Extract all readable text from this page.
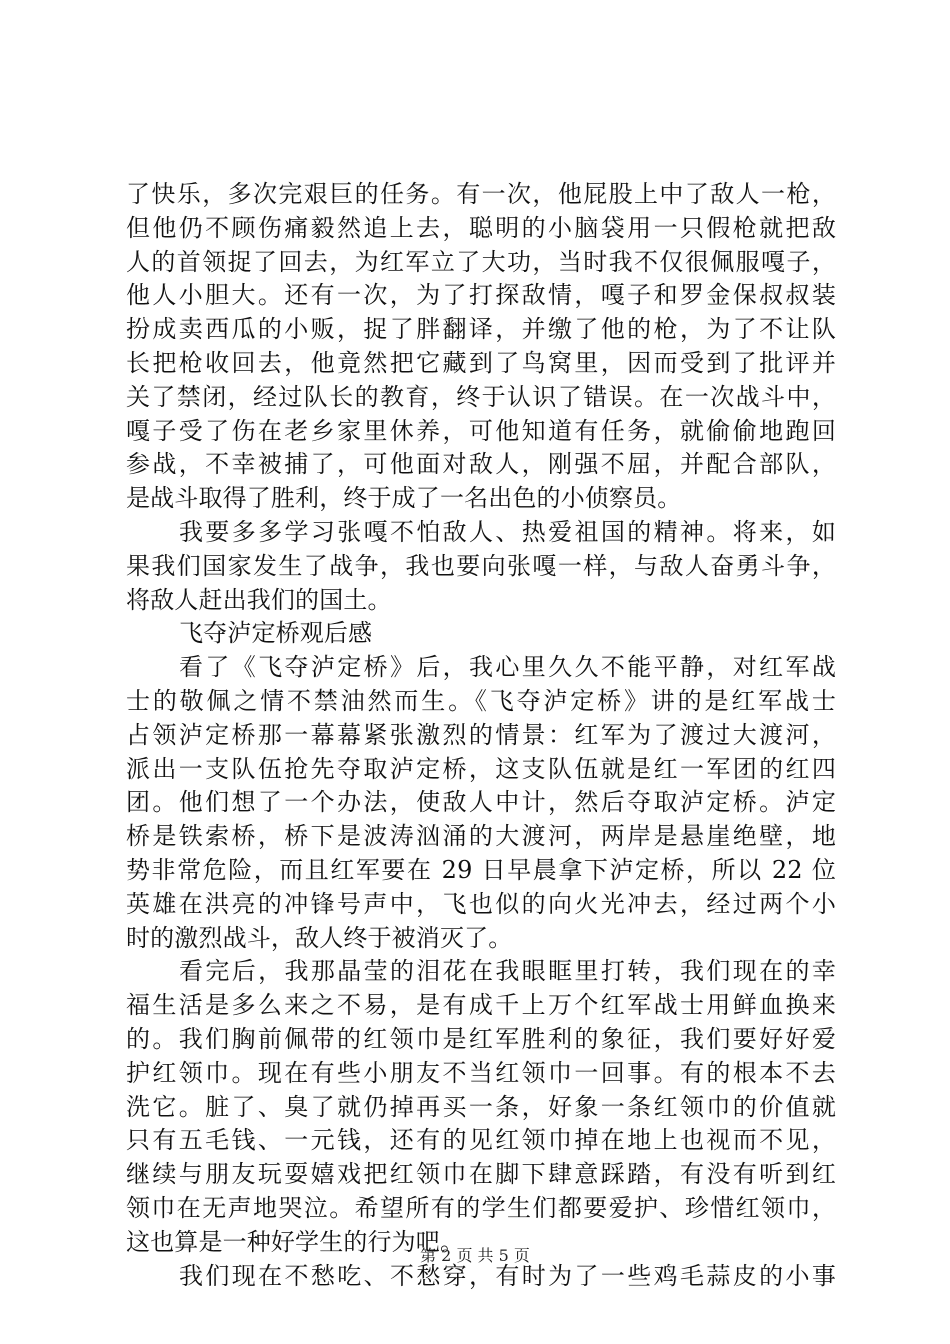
了快乐，多次完艰巨的任务。有一次，他屁股上中了敌人一枪，
但他仍不顾伤痛毅然追上去，聪明的小脑袋用一只假枪就把敌
人的首领捉了回去，为红军立了大功，当时我不仅很佩服嘎子，
他人小胆大。还有一次，为了打探敌情，嘎子和罗金保叔叔装
扮成卖西瓜的小贩，捉了胖翻译，并缴了他的枪，为了不让队
长把枪收回去，他竟然把它藏到了鸟窝里，因而受到了批评并
关了禁闭，经过队长的教育，终于认识了错误。在一次战斗中，
嘎子受了伤在老乡家里休养，可他知道有任务，就偷偷地跑回
参战，不幸被捕了，可他面对敌人，刚强不屈，并配合部队，
是战斗取得了胜利，终于成了一名出色的小侦察员。
我要多多学习张嘎不怕敌人、热爱祖国的精神。将来，如
果我们国家发生了战争，我也要向张嘎一样，与敌人奋勇斗争，
将敌人赶出我们的国土。
飞夺泸定桥观后感
看了《飞夺泸定桥》后，我心里久久不能平静，对红军战
士的敬佩之情不禁油然而生。《飞夺泸定桥》讲的是红军战士
占领泸定桥那一幕幕紧张激烈的情景：红军为了渡过大渡河，
派出一支队伍抢先夺取泸定桥，这支队伍就是红一军团的红四
团。他们想了一个办法，使敌人中计，然后夺取泸定桥。泸定
桥是铁索桥，桥下是波涛汹涌的大渡河，两岸是悬崖绝壁，地
势非常危险，而且红军要在 29 日早晨拿下泸定桥，所以 22 位
英雄在洪亮的冲锋号声中，飞也似的向火光冲去，经过两个小
时的激烈战斗，敌人终于被消灭了。
看完后，我那晶莹的泪花在我眼眶里打转，我们现在的幸
福生活是多么来之不易，是有成千上万个红军战士用鲜血换来
的。我们胸前佩带的红领巾是红军胜利的象征，我们要好好爱
护红领巾。现在有些小朋友不当红领巾一回事。有的根本不去
洗它。脏了、臭了就仍掉再买一条，好象一条红领巾的价值就
只有五毛钱、一元钱，还有的见红领巾掉在地上也视而不见，
继续与朋友玩耍嬉戏把红领巾在脚下肆意踩踏，有没有听到红
领巾在无声地哭泣。希望所有的学生们都要爱护、珍惜红领巾，
这也算是一种好学生的行为吧。
我们现在不愁吃、不愁穿，有时为了一些鸡毛蒜皮的小事
第 2 页 共 5 页
